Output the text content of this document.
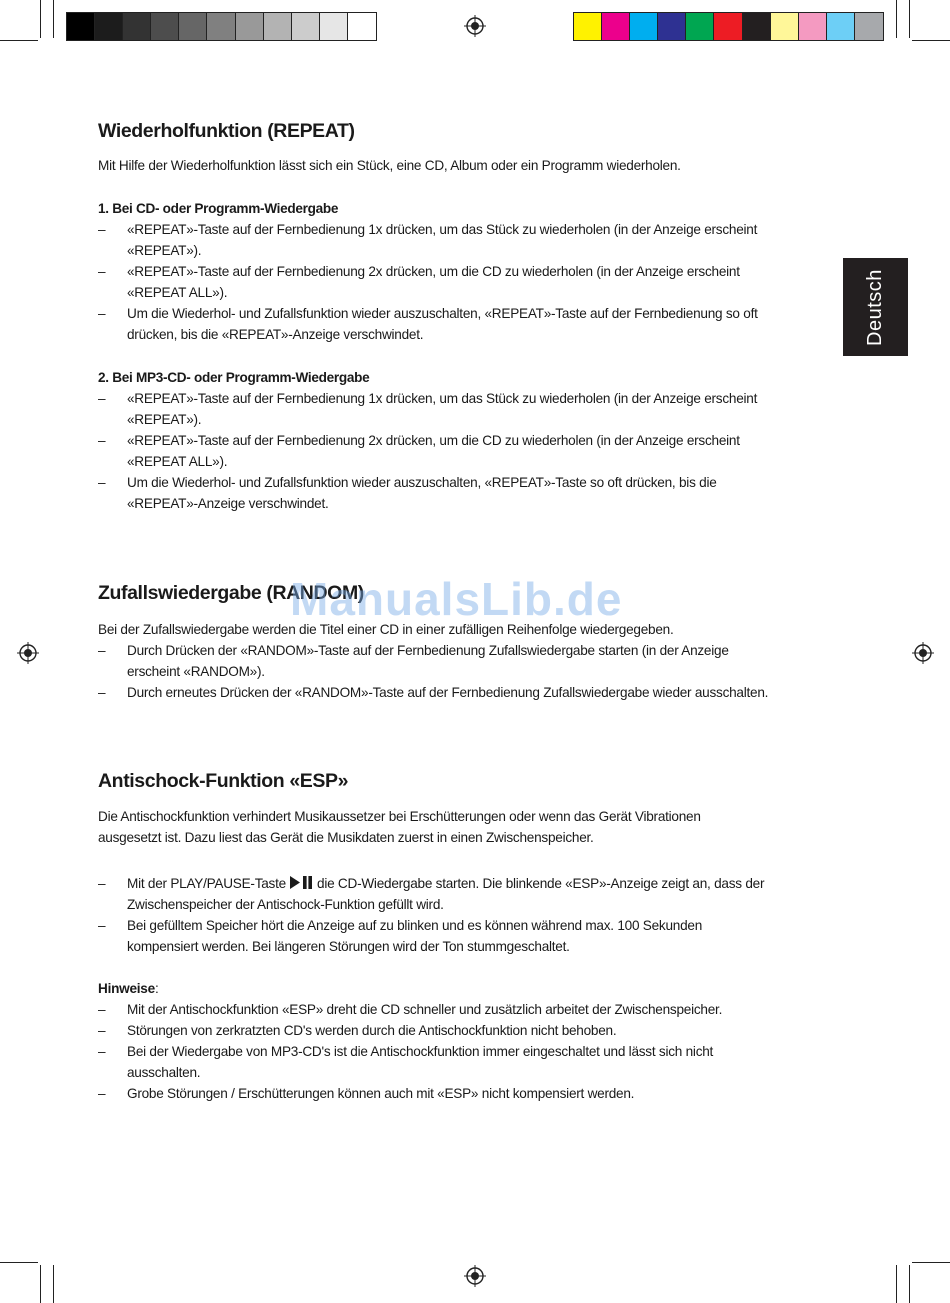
Deutsch
Wiederholfunktion (REPEAT)

Mit Hilfe der Wiederholfunktion lässt sich ein Stück, eine CD, Album oder ein Programm wiederholen.

1. Bei CD- oder Programm-Wiedergabe

– «REPEAT»-Taste auf der Fernbedienung 1x drücken, um das Stück zu wiederholen (in der Anzeige erscheint
«REPEAT»).
– «REPEAT»-Taste auf der Fernbedienung 2x drücken, um die CD zu wiederholen (in der Anzeige erscheint
«REPEAT ALL»).
– Um die Wiederhol- und Zufallsfunktion wieder auszuschalten, «REPEAT»-Taste auf der Fernbedienung so oft
drücken, bis die «REPEAT»-Anzeige verschwindet.

2. Bei MP3-CD- oder Programm-Wiedergabe

– «REPEAT»-Taste auf der Fernbedienung 1x drücken, um das Stück zu wiederholen (in der Anzeige erscheint
«REPEAT»).
– «REPEAT»-Taste auf der Fernbedienung 2x drücken, um die CD zu wiederholen (in der Anzeige erscheint
«REPEAT ALL»).
– Um die Wiederhol- und Zufallsfunktion wieder auszuschalten, «REPEAT»-Taste so oft drücken, bis die
«REPEAT»-Anzeige verschwindet.
Zufallswiedergabe (RANDOM)

Bei der Zufallswiedergabe werden die Titel einer CD in einer zufälligen Reihenfolge wiedergegeben.

– Durch Drücken der «RANDOM»-Taste auf der Fernbedienung Zufallswiedergabe starten (in der Anzeige
erscheint «RANDOM»).
– Durch erneutes Drücken der «RANDOM»-Taste auf der Fernbedienung Zufallswiedergabe wieder ausschalten.
Antischock-Funktion «ESP»

Die Antischockfunktion verhindert Musikaussetzer bei Erschütterungen oder wenn das Gerät Vibrationen

ausgesetzt ist. Dazu liest das Gerät die Musikdaten zuerst in einen Zwischenspeicher.

– Mit der PLAY/PAUSE-Taste die CD-Wiedergabe starten. Die blinkende «ESP»-Anzeige zeigt an, dass der
Zwischenspeicher der Antischock-Funktion gefüllt wird.
– Bei gefülltem Speicher hört die Anzeige auf zu blinken und es können während max. 100 Sekunden
kompensiert werden. Bei längeren Störungen wird der Ton stummgeschaltet.

Hinweise:

– Mit der Antischockfunktion «ESP» dreht die CD schneller und zusätzlich arbeitet der Zwischenspeicher.
– Störungen von zerkratzten CD's werden durch die Antischockfunktion nicht behoben.
– Bei der Wiedergabe von MP3-CD's ist die Antischockfunktion immer eingeschaltet und lässt sich nicht
ausschalten.
– Grobe Störungen / Erschütterungen können auch mit «ESP» nicht kompensiert werden.
ManualsLib.de
